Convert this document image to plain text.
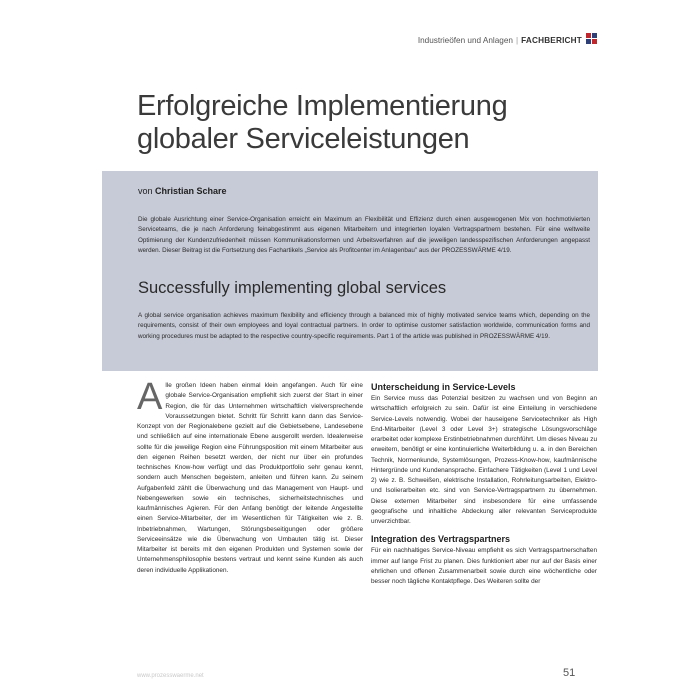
Industrieöfen und Anlagen | FACHBERICHT
Erfolgreiche Implementierung
globaler Serviceleistungen
von Christian Schare

Die globale Ausrichtung einer Service-Organisation erreicht ein Maximum an Flexibilität und Effizienz durch einen ausgewogenen Mix von hochmotivierten Serviceteams, die je nach Anforderung feinabgestimmt aus eigenen Mitarbeitern und integrierten loyalen Vertragspartnern bestehen. Für eine weltweite Optimierung der Kundenzufriedenheit müssen Kommunikationsformen und Arbeitsverfahren auf die jeweiligen landesspezifischen Anforderungen angepasst werden. Dieser Beitrag ist die Fortsetzung des Fachartikels „Service als Profitcenter im Anlagenbau" aus der PROZESSWÄRME 4/19.

Successfully implementing global services

A global service organisation achieves maximum flexibility and efficiency through a balanced mix of highly motivated service teams which, depending on the requirements, consist of their own employees and loyal contractual partners. In order to optimise customer satisfaction worldwide, communication forms and working procedures must be adapted to the respective country-specific requirements. Part 1 of the article was published in PROZESSWÄRME 4/19.

Alle großen Ideen haben einmal klein angefangen. Auch für eine globale Service-Organisation empfiehlt sich zuerst der Start in einer Region, die für das Unternehmen wirtschaftlich vielversprechende Voraussetzungen bietet. Schritt für Schritt kann dann das Service-Konzept von der Regionalebene gezielt auf die Gebietsebene, Landesebene und schließlich auf eine internationale Ebene ausgerollt werden. Idealerweise sollte für die jeweilige Region eine Führungsposition mit einem Mitarbeiter aus den eigenen Reihen besetzt werden, der nicht nur über ein profundes technisches Know-how verfügt und das Produktportfolio sehr genau kennt, sondern auch Menschen begeistern, anleiten und führen kann. Zu seinem Aufgabenfeld zählt die Überwachung und das Management von Haupt- und Nebengewerken sowie ein technisches, sicherheitstechnisches und kaufmännisches Agieren. Für den Anfang benötigt der leitende Angestellte einen Service-Mitarbeiter, der im Wesentlichen für Tätigkeiten wie z. B. Inbetriebnahmen, Wartungen, Störungsbeseitigungen oder größere Serviceeinsätze wie die Überwachung von Umbauten tätig ist. Dieser Mitarbeiter ist bereits mit den eigenen Produkten und Systemen sowie der Unternehmensphilosophie bestens vertraut und kennt seine Kunden als auch deren individuelle Applikationen.

Unterscheidung in Service-Levels

Ein Service muss das Potenzial besitzen zu wachsen und von Beginn an wirtschaftlich erfolgreich zu sein. Dafür ist eine Einteilung in verschiedene Service-Levels notwendig. Wobei der hauseigene Servicetechniker als High End-Mitarbeiter (Level 3 oder Level 3+) strategische Lösungsvorschläge erarbeitet oder komplexe Erstinbetriebnahmen durchführt. Um dieses Niveau zu erweitern, benötigt er eine kontinuierliche Weiterbildung u. a. in den Bereichen Technik, Normenkunde, Systemlösungen, Prozess-Know-how, kaufmännische Hintergründe und Kundenansprache. Einfachere Tätigkeiten (Level 1 und Level 2) wie z. B. Schweißen, elektrische Installation, Rohrleitungsarbeiten, Elektro- und Isolierarbeiten etc. sind von Service-Vertragspartnern zu übernehmen. Diese externen Mitarbeiter sind insbesondere für eine umfassende geografische und inhaltliche Abdeckung aller relevanten Serviceprodukte unverzichtbar.

Integration des Vertragspartners

Für ein nachhaltiges Service-Niveau empfiehlt es sich Vertragspartnerschaften immer auf lange Frist zu planen. Dies funktioniert aber nur auf der Basis einer ehrlichen und offenen Zusammenarbeit sowie durch eine wöchentliche oder besser noch tägliche Kontaktpflege. Des Weiteren sollte der

www.prozesswaerme.net	51
